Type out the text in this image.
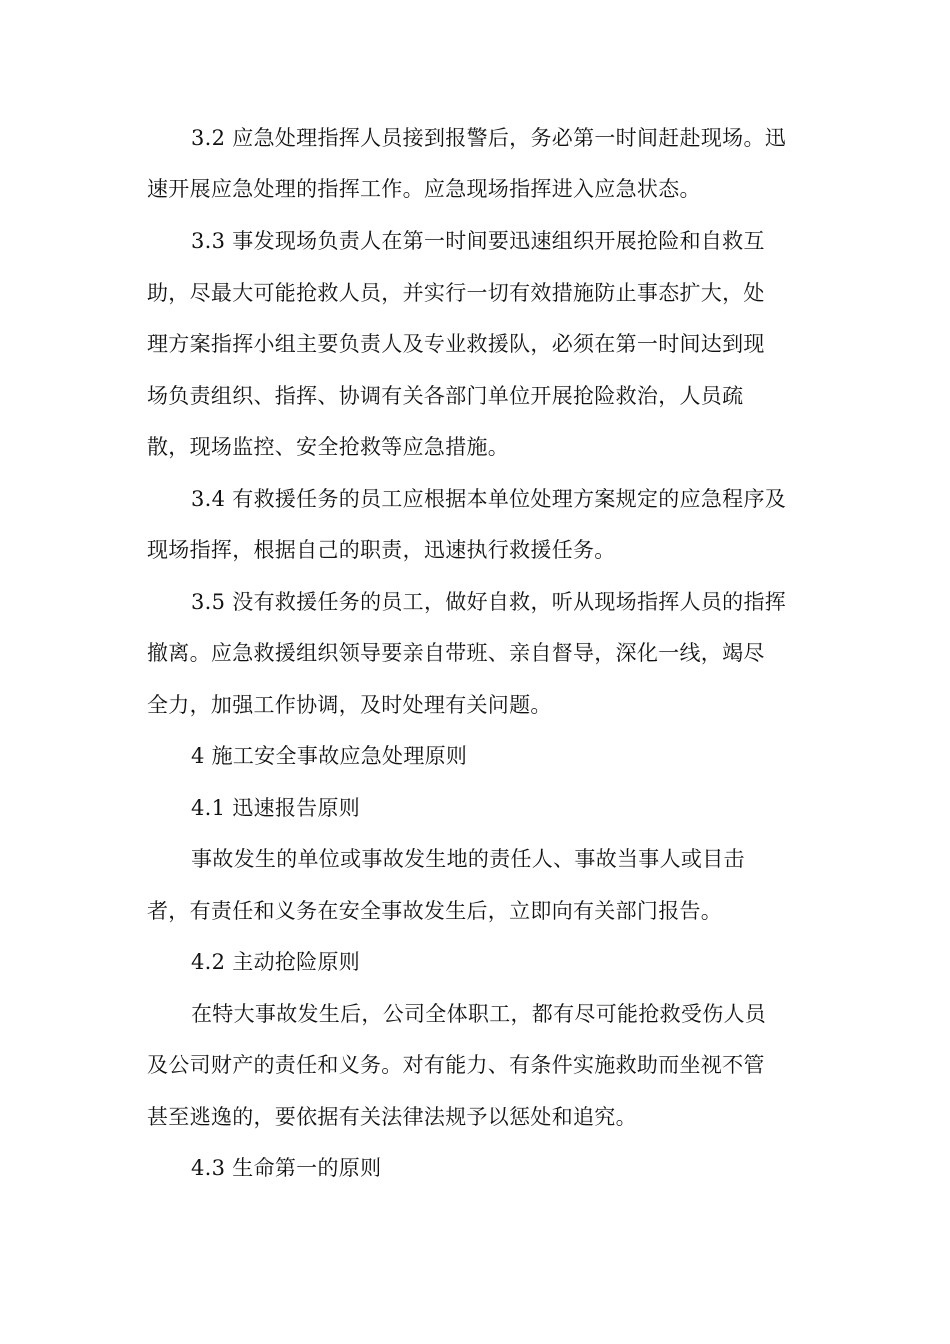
3.2 应急处理指挥人员接到报警后，务必第一时间赶赴现场。迅
速开展应急处理的指挥工作。应急现场指挥进入应急状态。
3.3 事发现场负责人在第一时间要迅速组织开展抢险和自救互
助，尽最大可能抢救人员，并实行一切有效措施防止事态扩大，处
理方案指挥小组主要负责人及专业救援队，必须在第一时间达到现
场负责组织、指挥、协调有关各部门单位开展抢险救治，人员疏
散，现场监控、安全抢救等应急措施。
3.4 有救援任务的员工应根据本单位处理方案规定的应急程序及
现场指挥，根据自己的职责，迅速执行救援任务。
3.5 没有救援任务的员工，做好自救，听从现场指挥人员的指挥
撤离。应急救援组织领导要亲自带班、亲自督导，深化一线，竭尽
全力，加强工作协调，及时处理有关问题。
4 施工安全事故应急处理原则
4.1 迅速报告原则
事故发生的单位或事故发生地的责任人、事故当事人或目击
者，有责任和义务在安全事故发生后，立即向有关部门报告。
4.2 主动抢险原则
在特大事故发生后，公司全体职工，都有尽可能抢救受伤人员
及公司财产的责任和义务。对有能力、有条件实施救助而坐视不管
甚至逃逸的，要依据有关法律法规予以惩处和追究。
4.3 生命第一的原则
